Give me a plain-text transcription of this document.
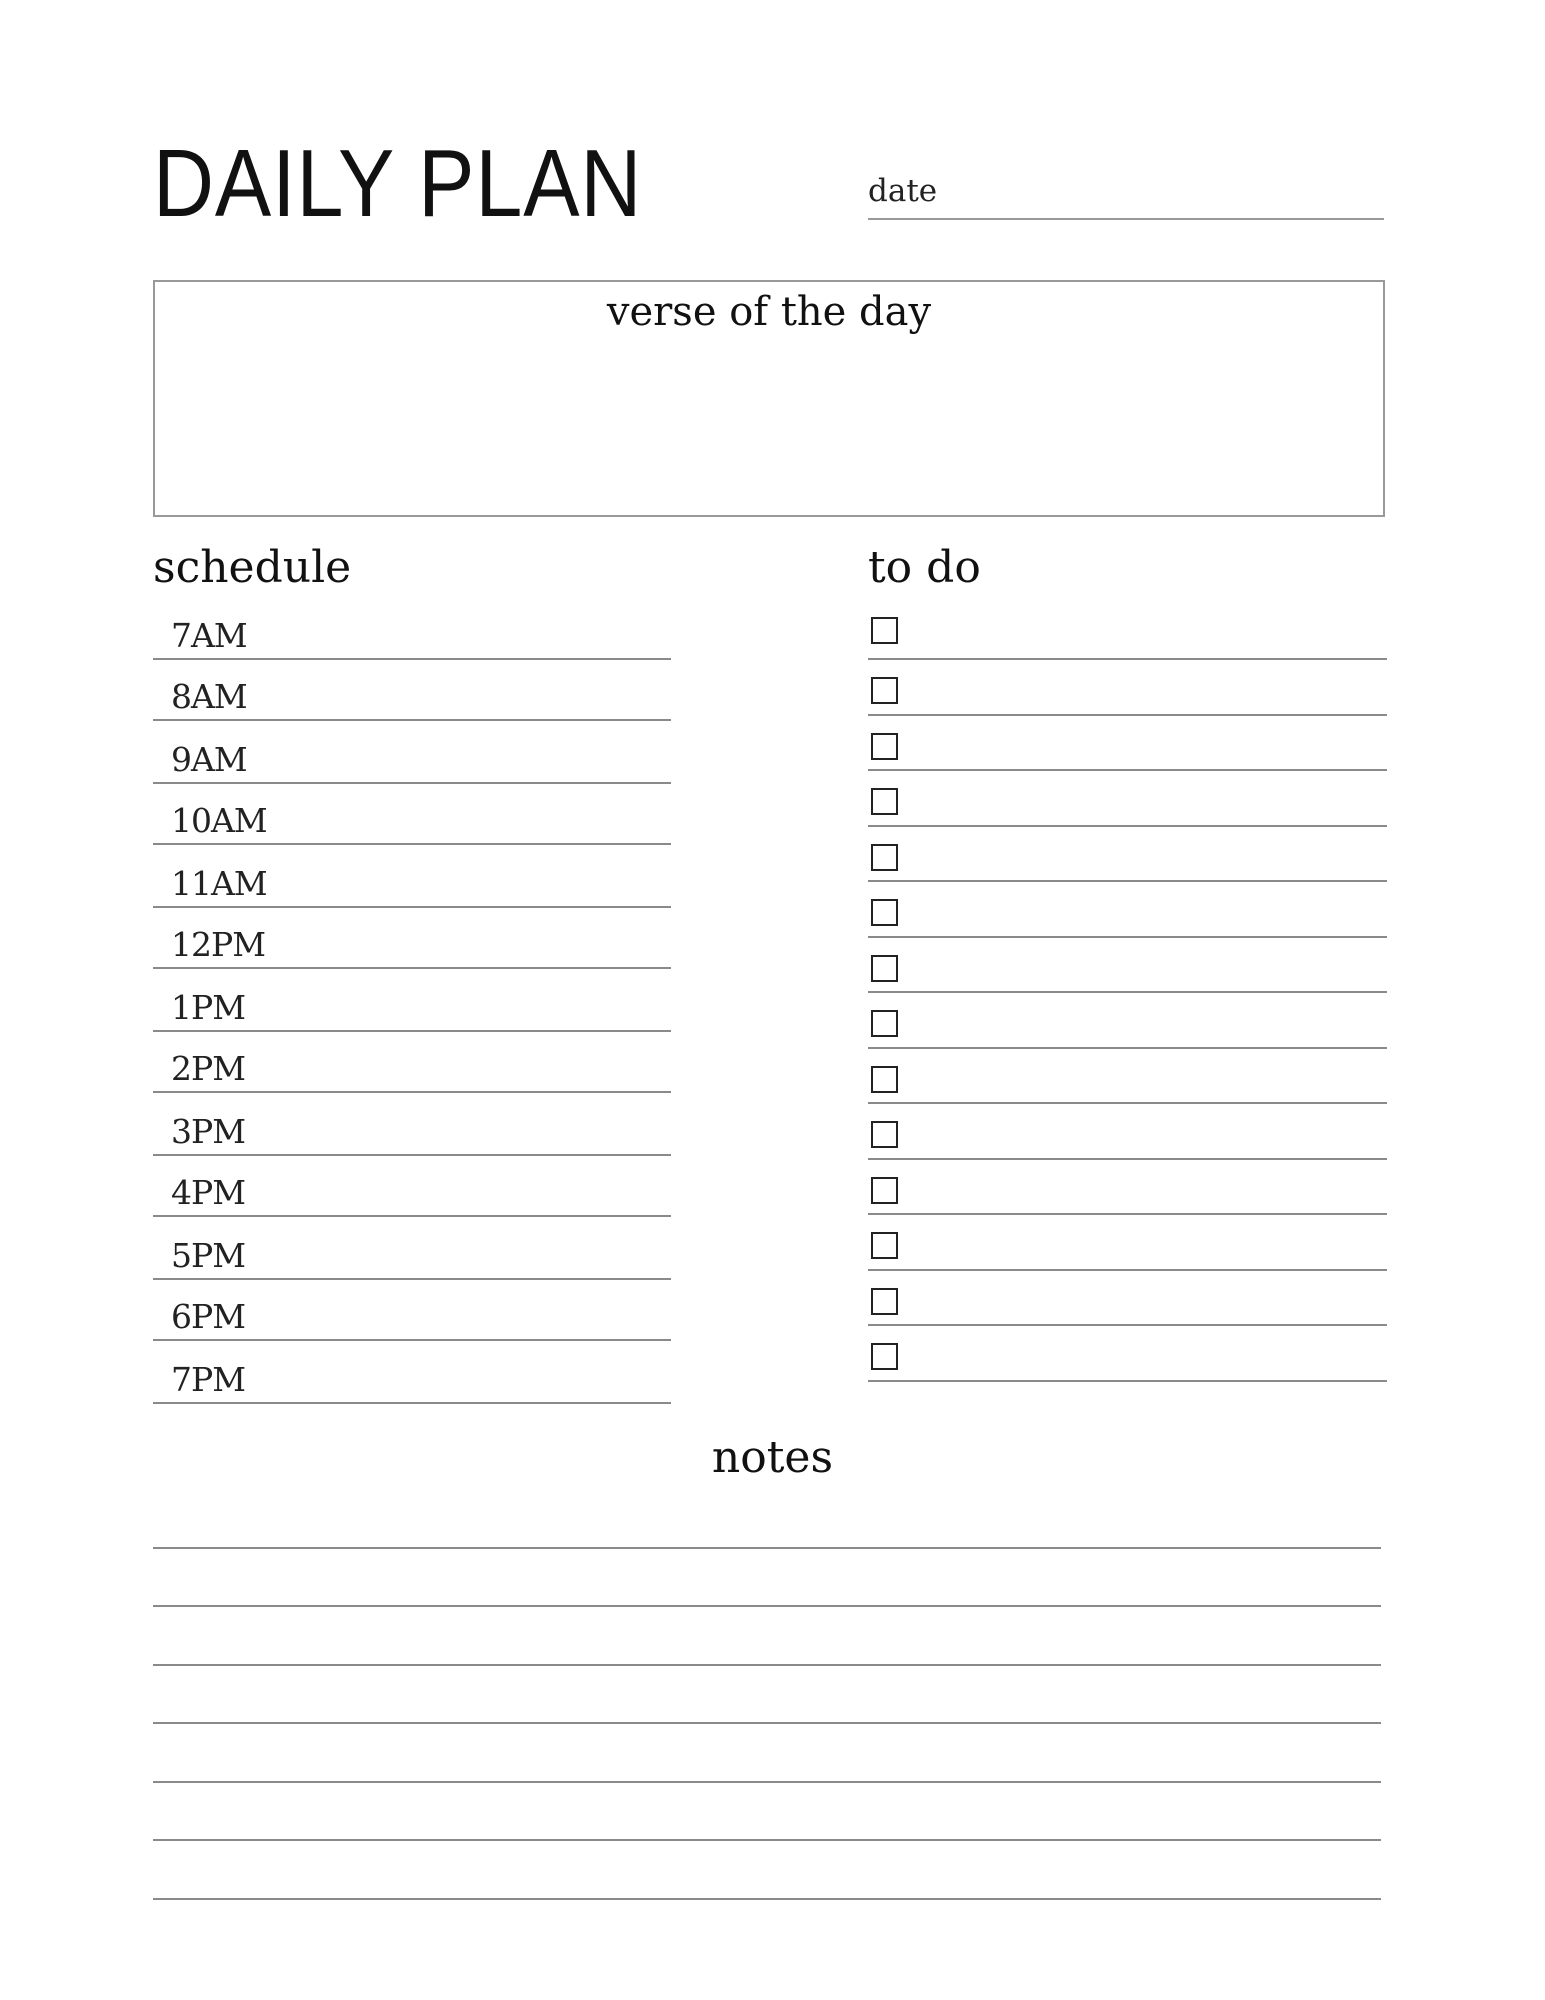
DAILY PLAN	date
verse of the day
schedule	to do
7AM
8AM
9AM
10AM
11AM
12PM
1PM
2PM
3PM
4PM
5PM
6PM
7PM
notes
